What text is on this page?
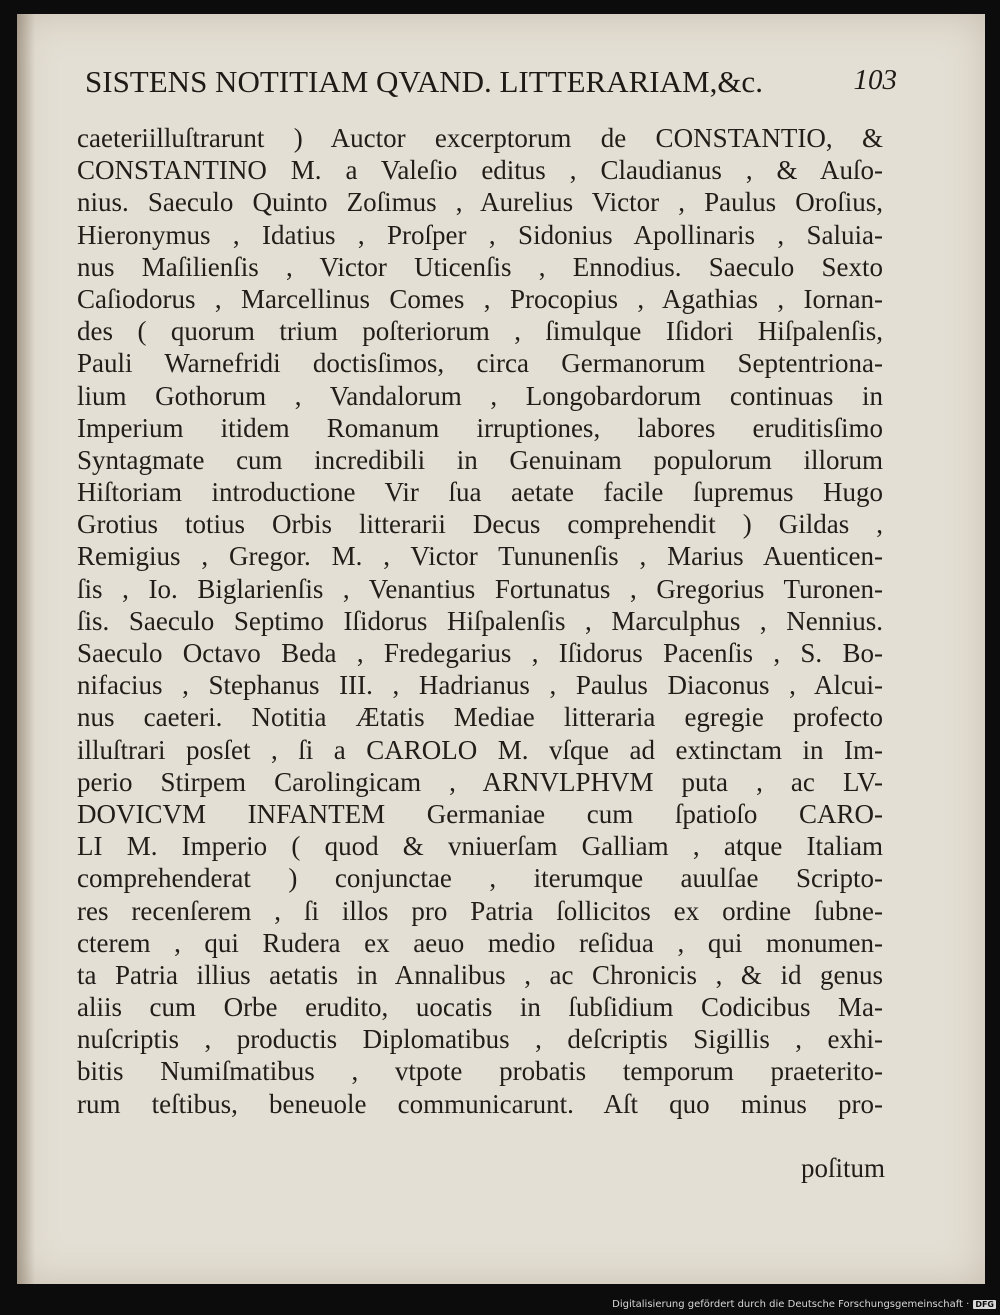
SISTENS NOTITIAM QVAND. LITTERARIAM,&c.	103
caeteriilluſtrarunt ) Auctor excerptorum de CONSTANTIO, &
CONSTANTINO M. a Valeſio editus , Claudianus , & Auſo-
nius. Saeculo Quinto Zoſimus , Aurelius Victor , Paulus Oroſius,
Hieronymus , Idatius , Proſper , Sidonius Apollinaris , Saluia-
nus Maſilienſis , Victor Uticenſis , Ennodius. Saeculo Sexto
Caſiodorus , Marcellinus Comes , Procopius , Agathias , Iornan-
des ( quorum trium poſteriorum , ſimulque Iſidori Hiſpalenſis,
Pauli Warnefridi doctisſimos, circa Germanorum Septentriona-
lium Gothorum , Vandalorum , Longobardorum continuas in
Imperium itidem Romanum irruptiones, labores eruditisſimo
Syntagmate cum incredibili in Genuinam populorum illorum
Hiſtoriam introductione Vir ſua aetate facile ſupremus Hugo
Grotius totius Orbis litterarii Decus comprehendit ) Gildas ,
Remigius , Gregor. M. , Victor Tununenſis , Marius Auenticen-
ſis , Io. Biglarienſis , Venantius Fortunatus , Gregorius Turonen-
ſis. Saeculo Septimo Iſidorus Hiſpalenſis , Marculphus , Nennius.
Saeculo Octavo Beda , Fredegarius , Iſidorus Pacenſis , S. Bo-
nifacius , Stephanus III. , Hadrianus , Paulus Diaconus , Alcui-
nus caeteri. Notitia Ætatis Mediae litteraria egregie profecto
illuſtrari posſet , ſi a CAROLO M. vſque ad extinctam in Im-
perio Stirpem Carolingicam , ARNVLPHVM puta , ac LV-
DOVICVM INFANTEM Germaniae cum ſpatioſo CARO-
LI M. Imperio ( quod & vniuerſam Galliam , atque Italiam
comprehenderat ) conjunctae , iterumque auulſae Scripto-
res recenſerem , ſi illos pro Patria ſollicitos ex ordine ſubne-
cterem , qui Rudera ex aeuo medio reſidua , qui monumen-
ta Patria illius aetatis in Annalibus , ac Chronicis , & id genus
aliis cum Orbe erudito, uocatis in ſubſidium Codicibus Ma-
nuſcriptis , productis Diplomatibus , deſcriptis Sigillis , exhi-
bitis Numiſmatibus , vtpote probatis temporum praeterito-
rum teſtibus, beneuole communicarunt. Aſt quo minus pro-
poſitum
Digitalisierung gefördert durch die Deutsche Forschungsgemeinschaft · DFG
